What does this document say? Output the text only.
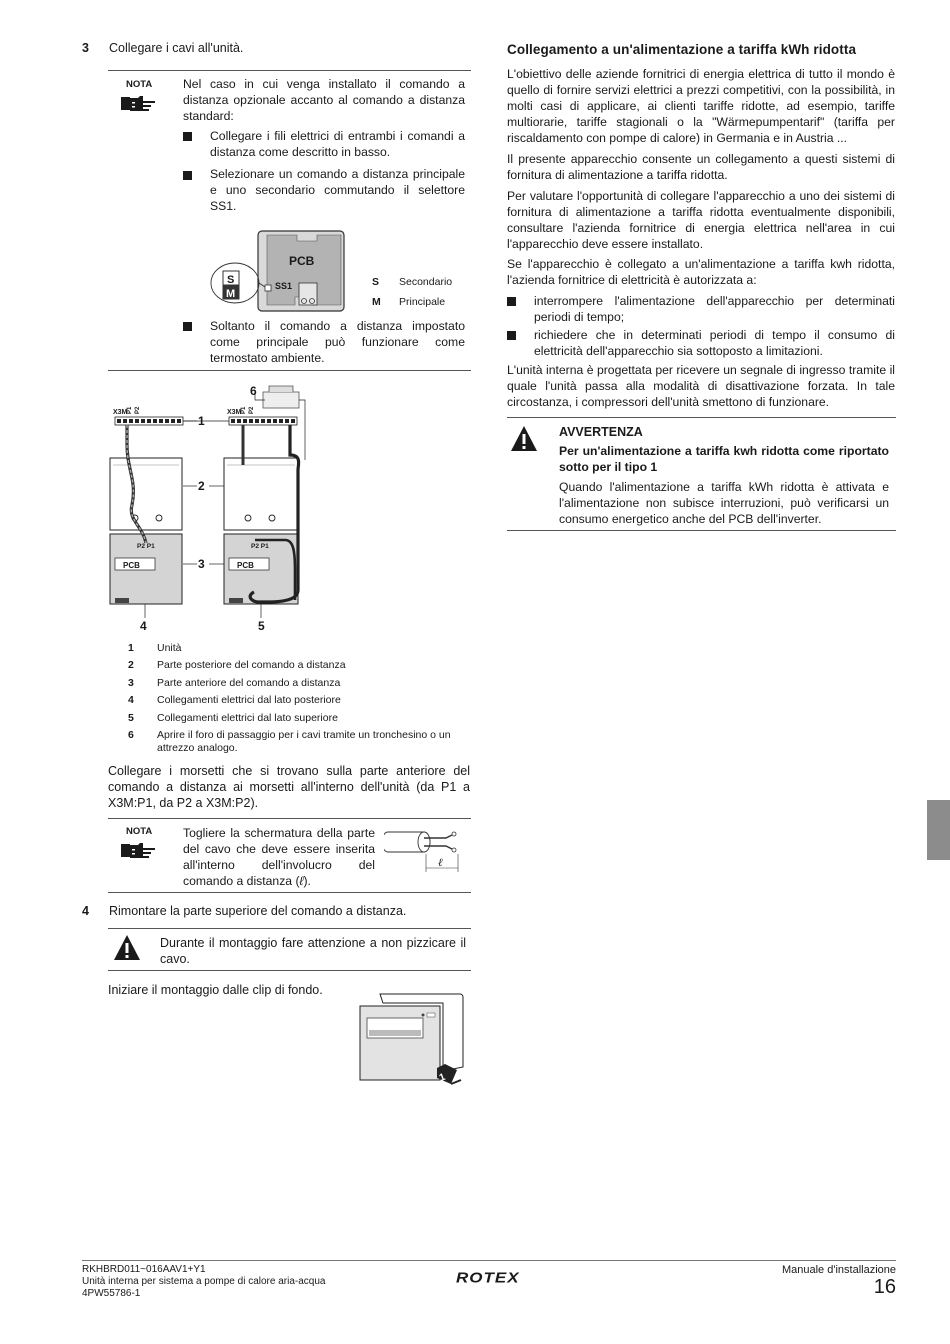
3 Collegare i cavi all'unità.
NOTA	Nel caso in cui venga installato il comando a distanza opzionale accanto al comando a distanza standard:
Collegare i fili elettrici di entrambi i comandi a distanza come descritto in basso.
Selezionare un comando a distanza principale e uno secondario commutando il selettore SS1.
PCB
S
M
SS1	S Secondario
M Principale
Soltanto il comando a distanza impostato come principale può funzionare come termostato ambiente.
X3M P1 P2	X3M P1 P2
PCB	PCB
P2 P1	P2 P1
1
2
3
4	5
6
1 Unità
2 Parte posteriore del comando a distanza
3 Parte anteriore del comando a distanza
4 Collegamenti elettrici dal lato posteriore
5 Collegamenti elettrici dal lato superiore
6 Aprire il foro di passaggio per i cavi tramite un tronchesino o un attrezzo analogo.
Collegare i morsetti che si trovano sulla parte anteriore del comando a distanza ai morsetti all'interno dell'unità (da P1 a X3M:P1, da P2 a X3M:P2).
NOTA	Togliere la schermatura della parte del cavo che deve essere inserita all'interno dell'involucro del comando a distanza (ℓ).
ℓ
4 Rimontare la parte superiore del comando a distanza.
Durante il montaggio fare attenzione a non pizzicare il cavo.
Iniziare il montaggio dalle clip di fondo.
1
Collegamento a un'alimentazione a tariffa kWh ridotta
L'obiettivo delle aziende fornitrici di energia elettrica di tutto il mondo è quello di fornire servizi elettrici a prezzi competitivi, con la possibilità, in molti casi di applicare, ai clienti tariffe ridotte, ad esempio, tariffe multiorarie, tariffe stagionali o la "Wärmepumpentarif" (tariffa per riscaldamento con pompe di calore) in Germania e in Austria ...
Il presente apparecchio consente un collegamento a questi sistemi di fornitura di alimentazione a tariffa ridotta.
Per valutare l'opportunità di collegare l'apparecchio a uno dei sistemi di fornitura di alimentazione a tariffa ridotta eventualmente disponibili, consultare l'azienda fornitrice di energia elettrica nell'area in cui l'apparecchio deve essere installato.
Se l'apparecchio è collegato a un'alimentazione a tariffa kwh ridotta, l'azienda fornitrice di elettricità è autorizzata a:
interrompere l'alimentazione dell'apparecchio per determinati periodi di tempo;
richiedere che in determinati periodi di tempo il consumo di elettricità dell'apparecchio sia sottoposto a limitazioni.
L'unità interna è progettata per ricevere un segnale di ingresso tramite il quale l'unità passa alla modalità di disattivazione forzata. In tale circostanza, i compressori dell'unità smettono di funzionare.
AVVERTENZA
Per un'alimentazione a tariffa kwh ridotta come riportato sotto per il tipo 1
Quando l'alimentazione a tariffa kWh ridotta è attivata e l'alimentazione non subisce interruzioni, può verificarsi un consumo energetico anche del PCB dell'inverter.
RKHBRD011~016AAV1+Y1
Unità interna per sistema a pompe di calore aria-acqua
4PW55786-1
ROTEX	Manuale d'installazione
16
